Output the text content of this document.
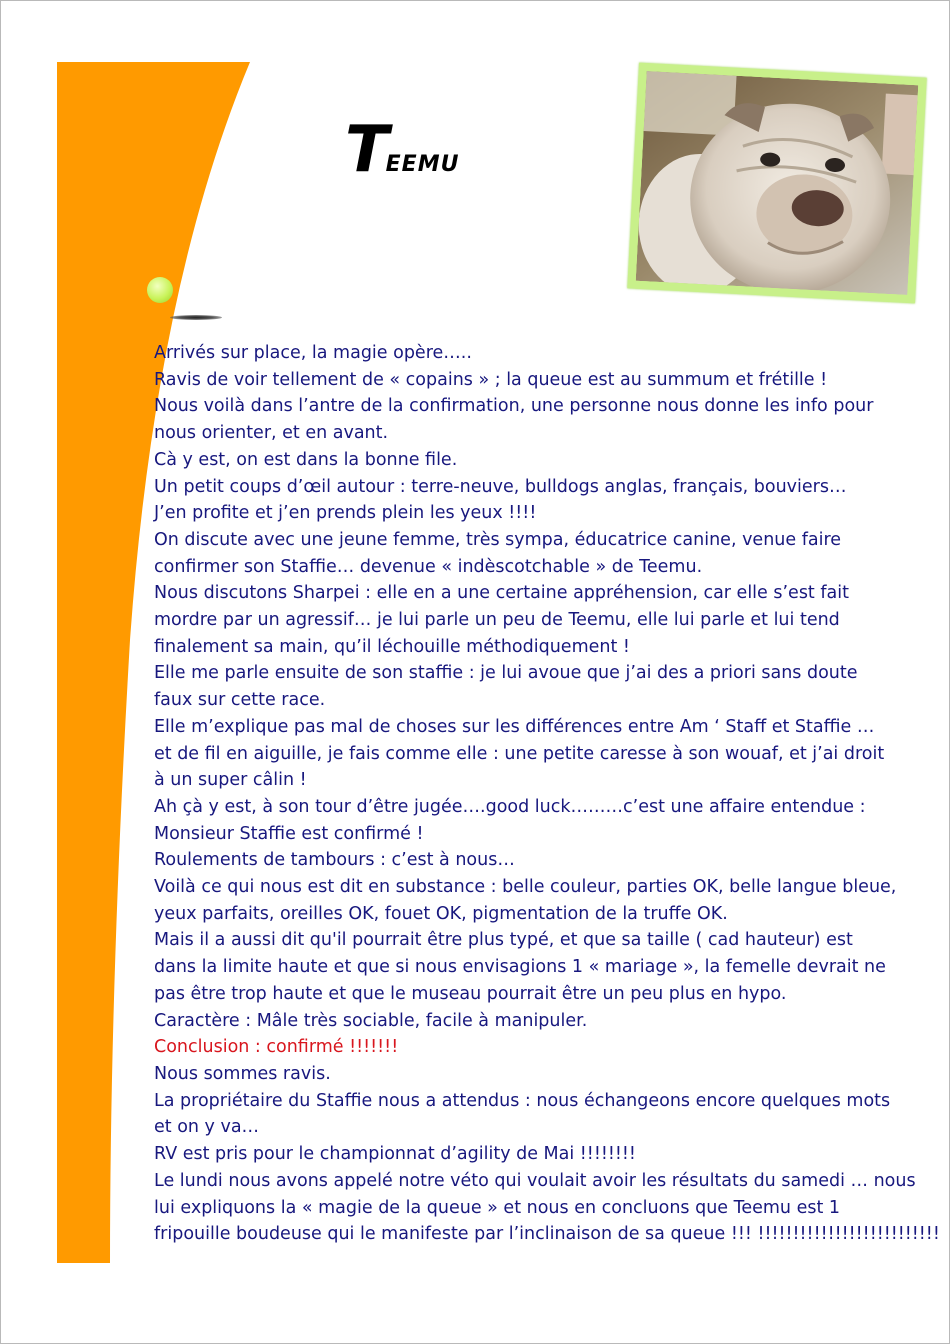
TEEMU

Arrivés sur place, la magie opère…..

Ravis de voir tellement de « copains » ; la queue est au summum et frétille !

Nous voilà dans l’antre de la confirmation, une personne nous donne les info pour

nous orienter, et en avant.

Cà y est, on est dans la bonne file.

Un petit coups d’œil autour : terre-neuve, bulldogs anglas, français, bouviers…

J’en profite et j’en prends plein les yeux !!!!

On discute avec une jeune femme, très sympa, éducatrice canine, venue faire

confirmer son Staffie… devenue « indèscotchable » de Teemu.

Nous discutons Sharpei : elle en a une certaine appréhension, car elle s’est fait

mordre par un agressif… je lui parle un peu de Teemu, elle lui parle et lui tend

finalement sa main, qu’il léchouille méthodiquement !

Elle me parle ensuite de son staffie : je lui avoue que j’ai des a priori sans doute

faux sur cette race.

Elle m’explique pas mal de choses sur les différences entre Am ‘ Staff et Staffie …

et de fil en aiguille, je fais comme elle : une petite caresse à son wouaf, et j’ai droit

à un super câlin !

Ah çà y est, à son tour d’être jugée….good luck………c’est une affaire entendue :

Monsieur Staffie est confirmé !

Roulements de tambours : c’est à nous…

Voilà ce qui nous est dit en substance : belle couleur, parties OK, belle langue bleue,

yeux parfaits, oreilles OK, fouet OK, pigmentation de la truffe OK.

Mais il a aussi dit qu'il pourrait être plus typé, et que sa taille ( cad hauteur) est

dans la limite haute et que si nous envisagions 1 « mariage », la femelle devrait ne

pas être trop haute et que le museau pourrait être un peu plus en hypo.

Caractère : Mâle très sociable, facile à manipuler.

Conclusion : confirmé !!!!!!!

Nous sommes ravis.

La propriétaire du Staffie nous a attendus : nous échangeons encore quelques mots

et on y va…

RV est pris pour le championnat d’agility de Mai !!!!!!!!

Le lundi nous avons appelé notre véto qui voulait avoir les résultats du samedi … nous

lui expliquons la « magie de la queue » et nous en concluons que Teemu est 1

fripouille boudeuse qui le manifeste par l’inclinaison de sa queue !!! !!!!!!!!!!!!!!!!!!!!!!!!!!
